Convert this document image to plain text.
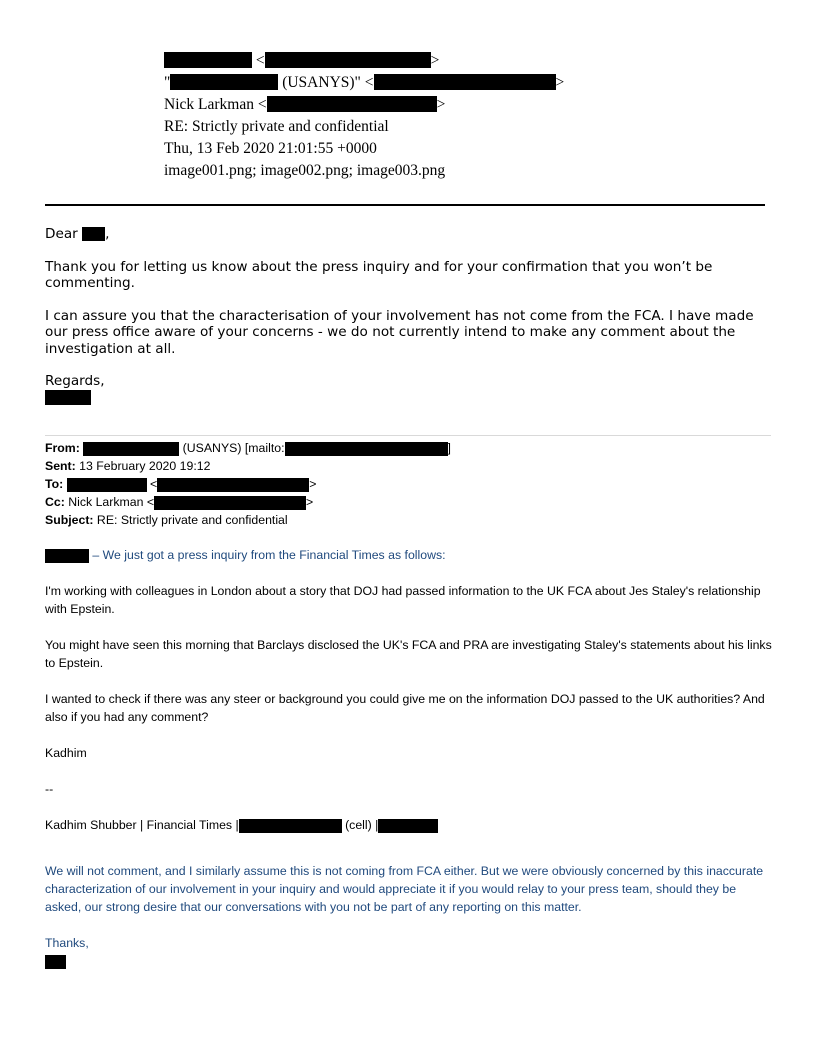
<	>
"	(USANYS)" <	>
Nick Larkman <	>
RE: Strictly private and confidential
Thu, 13 Feb 2020 21:01:55 +0000
image001.png; image002.png; image003.png

Dear ,

Thank you for letting us know about the press inquiry and for your confirmation that you won’t be commenting.

I can assure you that the characterisation of your involvement has not come from the FCA. I have made our press office aware of your concerns - we do not currently intend to make any comment about the investigation at all.

Regards,

From:	(USANYS) [mailto:	]
Sent: 13 February 2020 19:12
To:	<	>
Cc: Nick Larkman <	>
Subject: RE: Strictly private and confidential

– We just got a press inquiry from the Financial Times as follows:

I'm working with colleagues in London about a story that DOJ had passed information to the UK FCA about Jes Staley's relationship with Epstein.

You might have seen this morning that Barclays disclosed the UK's FCA and PRA are investigating Staley's statements about his links to Epstein.

I wanted to check if there was any steer or background you could give me on the information DOJ passed to the UK authorities? And also if you had any comment?

Kadhim

--

Kadhim Shubber | Financial Times |	(cell) |

We will not comment, and I similarly assume this is not coming from FCA either. But we were obviously concerned by this inaccurate characterization of our involvement in your inquiry and would appreciate it if you would relay to your press team, should they be asked, our strong desire that our conversations with you not be part of any reporting on this matter.

Thanks,
